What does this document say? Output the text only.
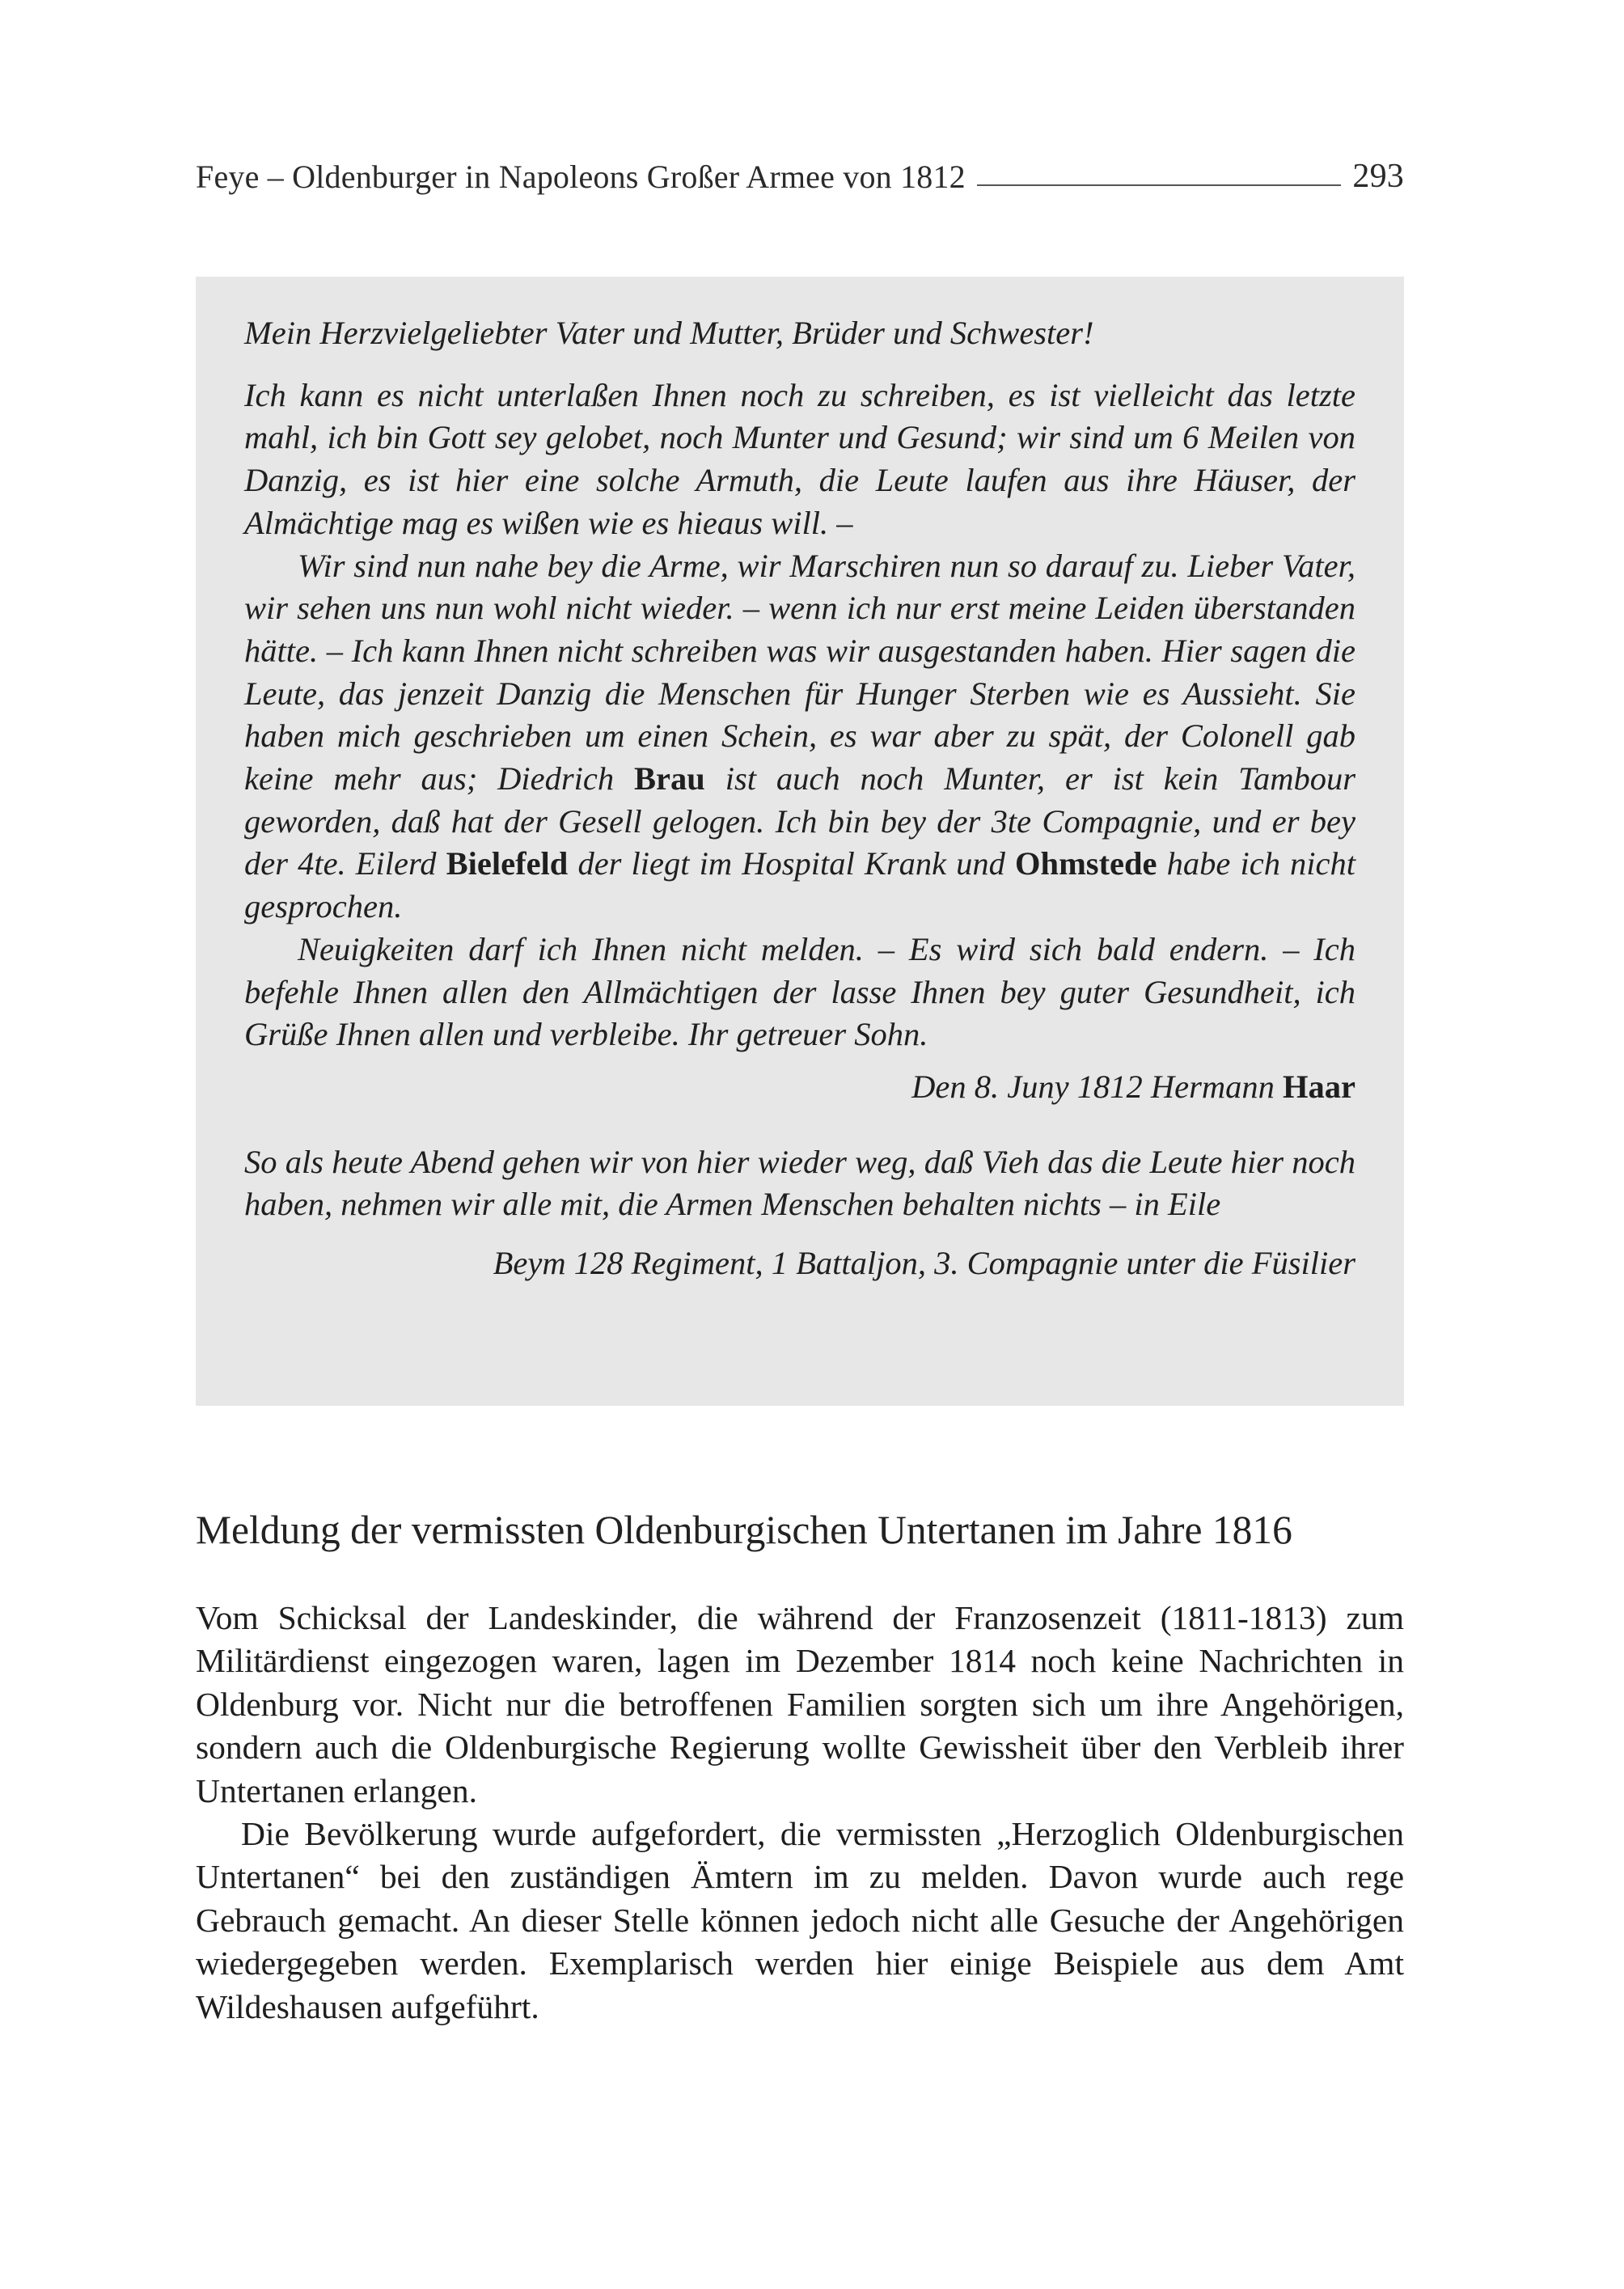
Feye – Oldenburger in Napoleons Großer Armee von 1812	293

Mein Herzvielgeliebter Vater und Mutter, Brüder und Schwester!

Ich kann es nicht unterlaßen Ihnen noch zu schreiben, es ist vielleicht das letzte mahl, ich bin Gott sey gelobet, noch Munter und Gesund; wir sind um 6 Meilen von Danzig, es ist hier eine solche Armuth, die Leute laufen aus ihre Häuser, der Almächtige mag es wißen wie es hieaus will. –

Wir sind nun nahe bey die Arme, wir Marschiren nun so darauf zu. Lieber Vater, wir sehen uns nun wohl nicht wieder. – wenn ich nur erst meine Leiden überstanden hätte. – Ich kann Ihnen nicht schreiben was wir ausgestanden haben. Hier sagen die Leute, das jenzeit Danzig die Menschen für Hunger Sterben wie es Aussieht. Sie haben mich geschrieben um einen Schein, es war aber zu spät, der Colonell gab keine mehr aus; Diedrich Brau ist auch noch Munter, er ist kein Tambour geworden, daß hat der Gesell gelogen. Ich bin bey der 3te Compagnie, und er bey der 4te. Eilerd Bielefeld der liegt im Hospital Krank und Ohmstede habe ich nicht gesprochen.

Neuigkeiten darf ich Ihnen nicht melden. – Es wird sich bald endern. – Ich befehle Ihnen allen den Allmächtigen der lasse Ihnen bey guter Gesundheit, ich Grüße Ihnen allen und verbleibe. Ihr getreuer Sohn.

Den 8. Juny 1812 Hermann Haar

So als heute Abend gehen wir von hier wieder weg, daß Vieh das die Leute hier noch haben, nehmen wir alle mit, die Armen Menschen behalten nichts – in Eile

Beym 128 Regiment, 1 Battaljon, 3. Compagnie unter die Füsilier
Meldung der vermissten Oldenburgischen Untertanen im Jahre 1816

Vom Schicksal der Landeskinder, die während der Franzosenzeit (1811-1813) zum Militärdienst eingezogen waren, lagen im Dezember 1814 noch keine Nachrichten in Oldenburg vor. Nicht nur die betroffenen Familien sorgten sich um ihre Angehörigen, sondern auch die Oldenburgische Regierung wollte Gewissheit über den Verbleib ihrer Untertanen erlangen.

Die Bevölkerung wurde aufgefordert, die vermissten „Herzoglich Oldenburgischen Untertanen“ bei den zuständigen Ämtern im zu melden. Davon wurde auch rege Gebrauch gemacht. An dieser Stelle können jedoch nicht alle Gesuche der Angehörigen wiedergegeben werden. Exemplarisch werden hier einige Beispiele aus dem Amt Wildeshausen aufgeführt.
